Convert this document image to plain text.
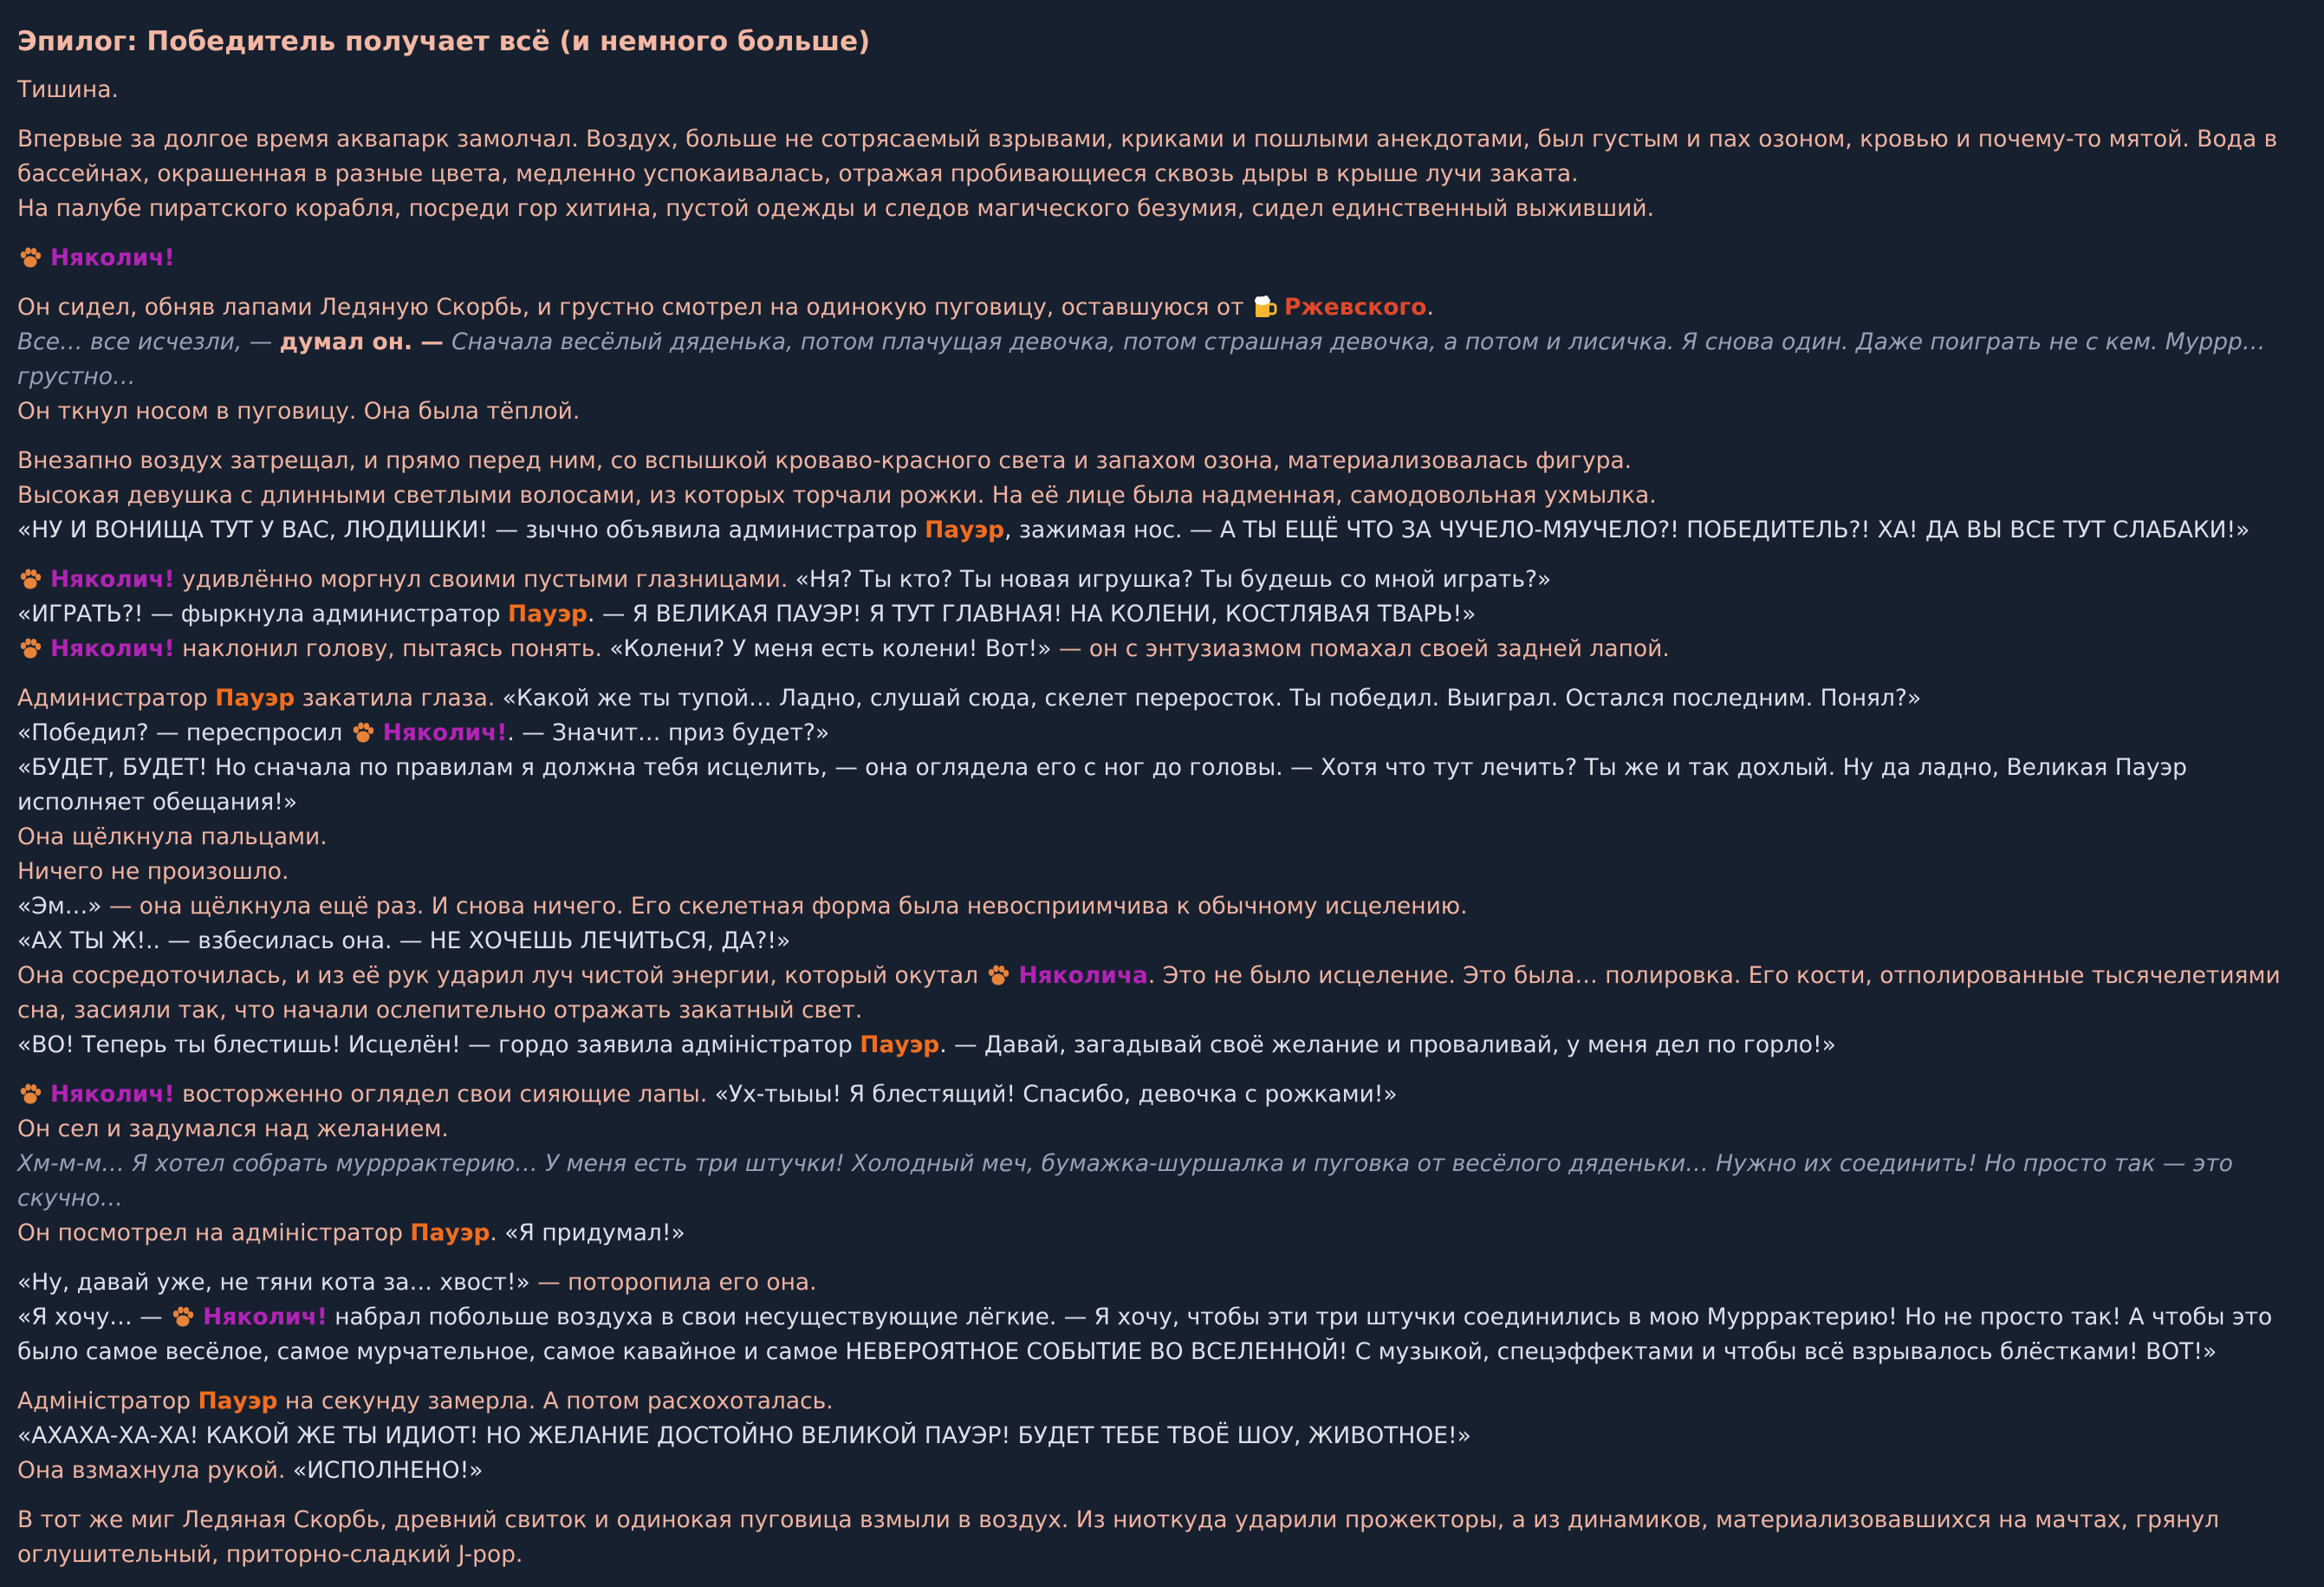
Эпилог: Победитель получает всё (и немного больше)
Тишина.
Впервые за долгое время аквапарк замолчал. Воздух, больше не сотрясаемый взрывами, криками и пошлыми анекдотами, был густым и пах озоном, кровью и почему-то мятой. Вода в бассейнах, окрашенная в разные цвета, медленно успокаивалась, отражая пробивающиеся сквозь дыры в крыше лучи заката.
На палубе пиратского корабля, посреди гор хитина, пустой одежды и следов магического безумия, сидел единственный выживший.
Няколич!
Он сидел, обняв лапами Ледяную Скорбь, и грустно смотрел на одинокую пуговицу, оставшуюся от Ржевского.
Все… все исчезли, — думал он. — Сначала весёлый дяденька, потом плачущая девочка, потом страшная девочка, а потом и лисичка. Я снова один. Даже поиграть не с кем. Муррр… грустно…
Он ткнул носом в пуговицу. Она была тёплой.
Внезапно воздух затрещал, и прямо перед ним, со вспышкой кроваво-красного света и запахом озона, материализовалась фигура.
Высокая девушка с длинными светлыми волосами, из которых торчали рожки. На её лице была надменная, самодовольная ухмылка.
«НУ И ВОНИЩА ТУТ У ВАС, ЛЮДИШКИ! — зычно объявила администратор Пауэр, зажимая нос. — А ТЫ ЕЩЁ ЧТО ЗА ЧУЧЕЛО-МЯУЧЕЛО?! ПОБЕДИТЕЛЬ?! ХА! ДА ВЫ ВСЕ ТУТ СЛАБАКИ!»
Няколич! удивлённо моргнул своими пустыми глазницами. «Ня? Ты кто? Ты новая игрушка? Ты будешь со мной играть?»
«ИГРАТЬ?! — фыркнула администратор Пауэр. — Я ВЕЛИКАЯ ПАУЭР! Я ТУТ ГЛАВНАЯ! НА КОЛЕНИ, КОСТЛЯВАЯ ТВАРЬ!»
Няколич! наклонил голову, пытаясь понять. «Колени? У меня есть колени! Вот!» — он с энтузиазмом помахал своей задней лапой.
Администратор Пауэр закатила глаза. «Какой же ты тупой… Ладно, слушай сюда, скелет переросток. Ты победил. Выиграл. Остался последним. Понял?»
«Победил? — переспросил Няколич!. — Значит… приз будет?»
«БУДЕТ, БУДЕТ! Но сначала по правилам я должна тебя исцелить, — она оглядела его с ног до головы. — Хотя что тут лечить? Ты же и так дохлый. Ну да ладно, Великая Пауэр исполняет обещания!»
Она щёлкнула пальцами.
Ничего не произошло.
«Эм…» — она щёлкнула ещё раз. И снова ничего. Его скелетная форма была невосприимчива к обычному исцелению.
«АХ ТЫ Ж!.. — взбесилась она. — НЕ ХОЧЕШЬ ЛЕЧИТЬСЯ, ДА?!»
Она сосредоточилась, и из её рук ударил луч чистой энергии, который окутал Няколича. Это не было исцеление. Это была… полировка. Его кости, отполированные тысячелетиями сна, засияли так, что начали ослепительно отражать закатный свет.
«ВО! Теперь ты блестишь! Исцелён! — гордо заявила адміністратор Пауэр. — Давай, загадывай своё желание и проваливай, у меня дел по горло!»
Няколич! восторженно оглядел свои сияющие лапы. «Ух-тыыы! Я блестящий! Спасибо, девочка с рожками!»
Он сел и задумался над желанием.
Хм-м-м… Я хотел собрать мурррактерию… У меня есть три штучки! Холодный меч, бумажка-шуршалка и пуговка от весёлого дяденьки… Нужно их соединить! Но просто так — это скучно…
Он посмотрел на адміністратор Пауэр. «Я придумал!»
«Ну, давай уже, не тяни кота за… хвост!» — поторопила его она.
«Я хочу… — Няколич! набрал побольше воздуха в свои несуществующие лёгкие. — Я хочу, чтобы эти три штучки соединились в мою Мурррактерию! Но не просто так! А чтобы это было самое весёлое, самое мурчательное, самое кавайное и самое НЕВЕРОЯТНОЕ СОБЫТИЕ ВО ВСЕЛЕННОЙ! С музыкой, спецэффектами и чтобы всё взрывалось блёстками! ВОТ!»
Адміністратор Пауэр на секунду замерла. А потом расхохоталась.
«АХАХА-ХА-ХА! КАКОЙ ЖЕ ТЫ ИДИОТ! НО ЖЕЛАНИЕ ДОСТОЙНО ВЕЛИКОЙ ПАУЭР! БУДЕТ ТЕБЕ ТВОЁ ШОУ, ЖИВОТНОЕ!»
Она взмахнула рукой. «ИСПОЛНЕНО!»
В тот же миг Ледяная Скорбь, древний свиток и одинокая пуговица взмыли в воздух. Из ниоткуда ударили прожекторы, а из динамиков, материализовавшихся на мачтах, грянул оглушительный, приторно-сладкий J-pop.
